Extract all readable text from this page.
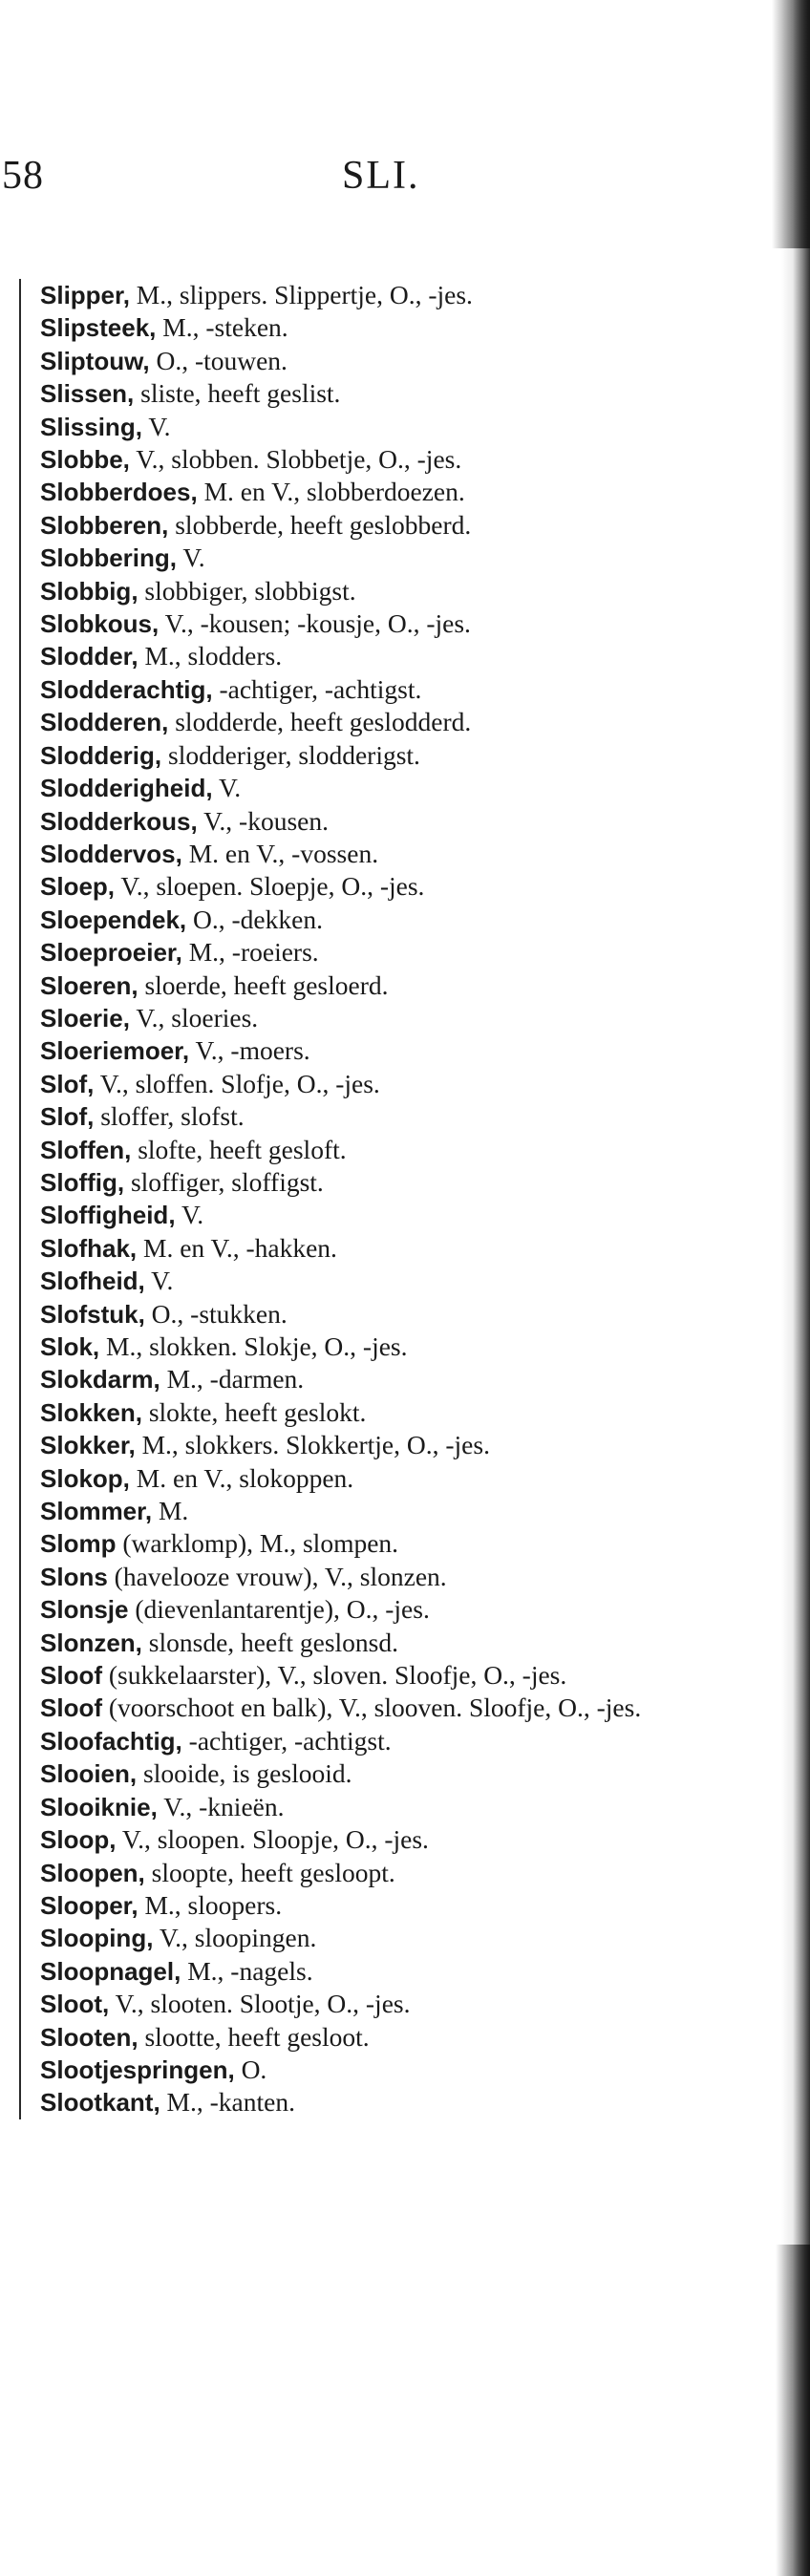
58	SLI.
Slipper, M., slippers. Slippertje, O., -jes.
Slipsteek, M., -steken.
Sliptouw, O., -touwen.
Slissen, sliste, heeft geslist.
Slissing, V.
Slobbe, V., slobben. Slobbetje, O., -jes.
Slobberdoes, M. en V., slobberdoezen.
Slobberen, slobberde, heeft geslobberd.
Slobbering, V.
Slobbig, slobbiger, slobbigst.
Slobkous, V., -kousen; -kousje, O., -jes.
Slodder, M., slodders.
Slodderachtig, -achtiger, -achtigst.
Slodderen, slodderde, heeft geslodderd.
Slodderig, slodderiger, slodderigst.
Slodderigheid, V.
Slodderkous, V., -kousen.
Sloddervos, M. en V., -vossen.
Sloep, V., sloepen. Sloepje, O., -jes.
Sloependek, O., -dekken.
Sloeproeier, M., -roeiers.
Sloeren, sloerde, heeft gesloerd.
Sloerie, V., sloeries.
Sloeriemoer, V., -moers.
Slof, V., sloffen. Slofje, O., -jes.
Slof, sloffer, slofst.
Sloffen, slofte, heeft gesloft.
Sloffig, sloffiger, sloffigst.
Sloffigheid, V.
Slofhak, M. en V., -hakken.
Slofheid, V.
Slofstuk, O., -stukken.
Slok, M., slokken. Slokje, O., -jes.
Slokdarm, M., -darmen.
Slokken, slokte, heeft geslokt.
Slokker, M., slokkers. Slokkertje, O., -jes.
Slokop, M. en V., slokoppen.
Slommer, M.
Slomp (warklomp), M., slompen.
Slons (havelooze vrouw), V., slonzen.
Slonsje (dievenlantarentje), O., -jes.
Slonzen, slonsde, heeft geslonsd.
Sloof (sukkelaarster), V., sloven. Sloofje, O., -jes.
Sloof (voorschoot en balk), V., slooven. Sloofje, O., -jes.
Sloofachtig, -achtiger, -achtigst.
Slooien, slooide, is geslooid.
Slooiknie, V., -knieën.
Sloop, V., sloopen. Sloopje, O., -jes.
Sloopen, sloopte, heeft gesloopt.
Slooper, M., sloopers.
Slooping, V., sloopingen.
Sloopnagel, M., -nagels.
Sloot, V., slooten. Slootje, O., -jes.
Slooten, slootte, heeft gesloot.
Slootjespringen, O.
Slootkant, M., -kanten.
